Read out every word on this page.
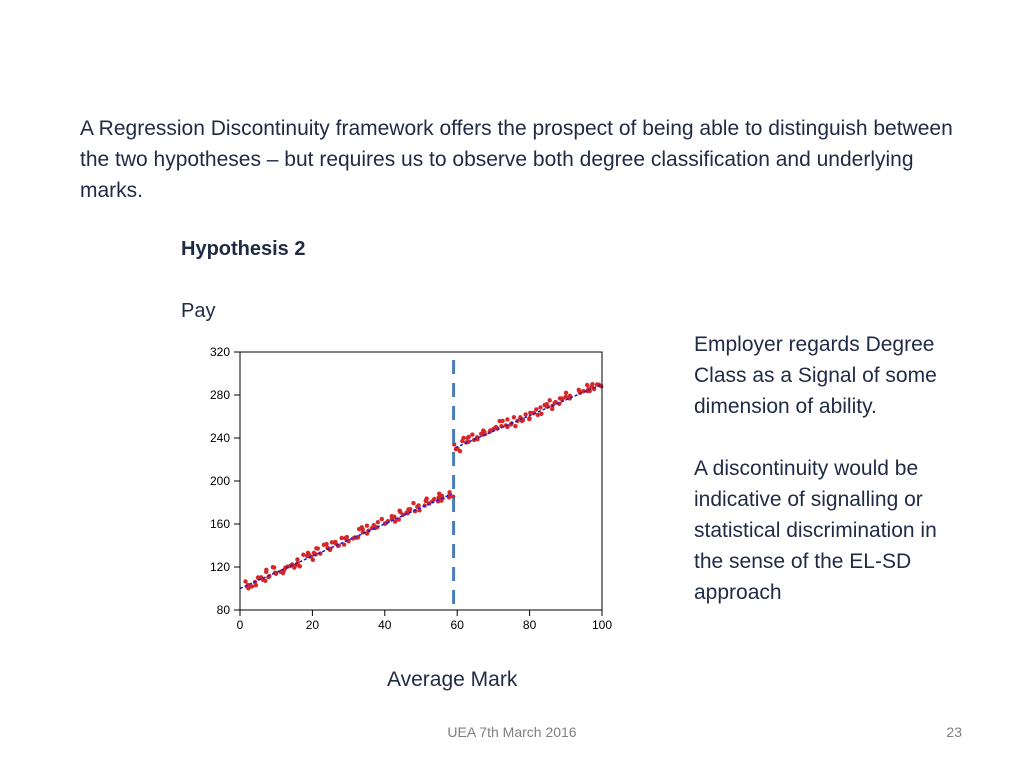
A Regression Discontinuity framework offers the prospect of being able to distinguish between the two hypotheses – but requires us to observe both degree classification and underlying marks.

Hypothesis 2

Pay
80
120
160
200
240
280
320
0	20	40	60	80	100
Average Mark

Employer regards Degree Class as a Signal of some dimension of ability.

A discontinuity would be indicative of signalling or statistical discrimination in the sense of the EL-SD approach

UEA 7th March 2016	23
